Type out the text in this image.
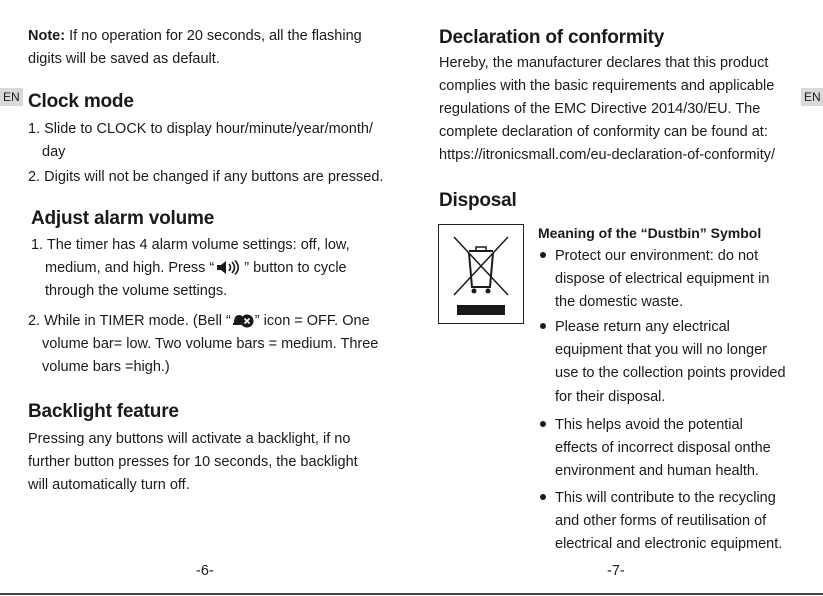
EN	EN
Note: If no operation for 20 seconds, all the flashing
digits will be saved as default.
Clock mode
1. Slide to CLOCK to display hour/minute/year/month/
day
2. Digits will not be changed if any buttons are pressed.
Adjust alarm volume
1. The timer has 4 alarm volume settings: off, low,
medium, and high. Press “ ” button to cycle
through the volume settings.
2. While in TIMER mode. (Bell “ ” icon = OFF. One
volume bar= low. Two volume bars = medium. Three
volume bars =high.)
Backlight feature
Pressing any buttons will activate a backlight, if no
further button presses for 10 seconds, the backlight
will automatically turn off.
-6-
Declaration of conformity
Hereby, the manufacturer declares that this product
complies with the basic requirements and applicable
regulations of the EMC Directive 2014/30/EU. The
complete declaration of conformity can be found at:
https://itronicsmall.com/eu-declaration-of-conformity/
Disposal
Meaning of the “Dustbin” Symbol
Protect our environment: do not
dispose of electrical equipment in
the domestic waste.
Please return any electrical
equipment that you will no longer
use to the collection points provided
for their disposal.
This helps avoid the potential
effects of incorrect disposal onthe
environment and human health.
This will contribute to the recycling
and other forms of reutilisation of
electrical and electronic equipment.
-7-
